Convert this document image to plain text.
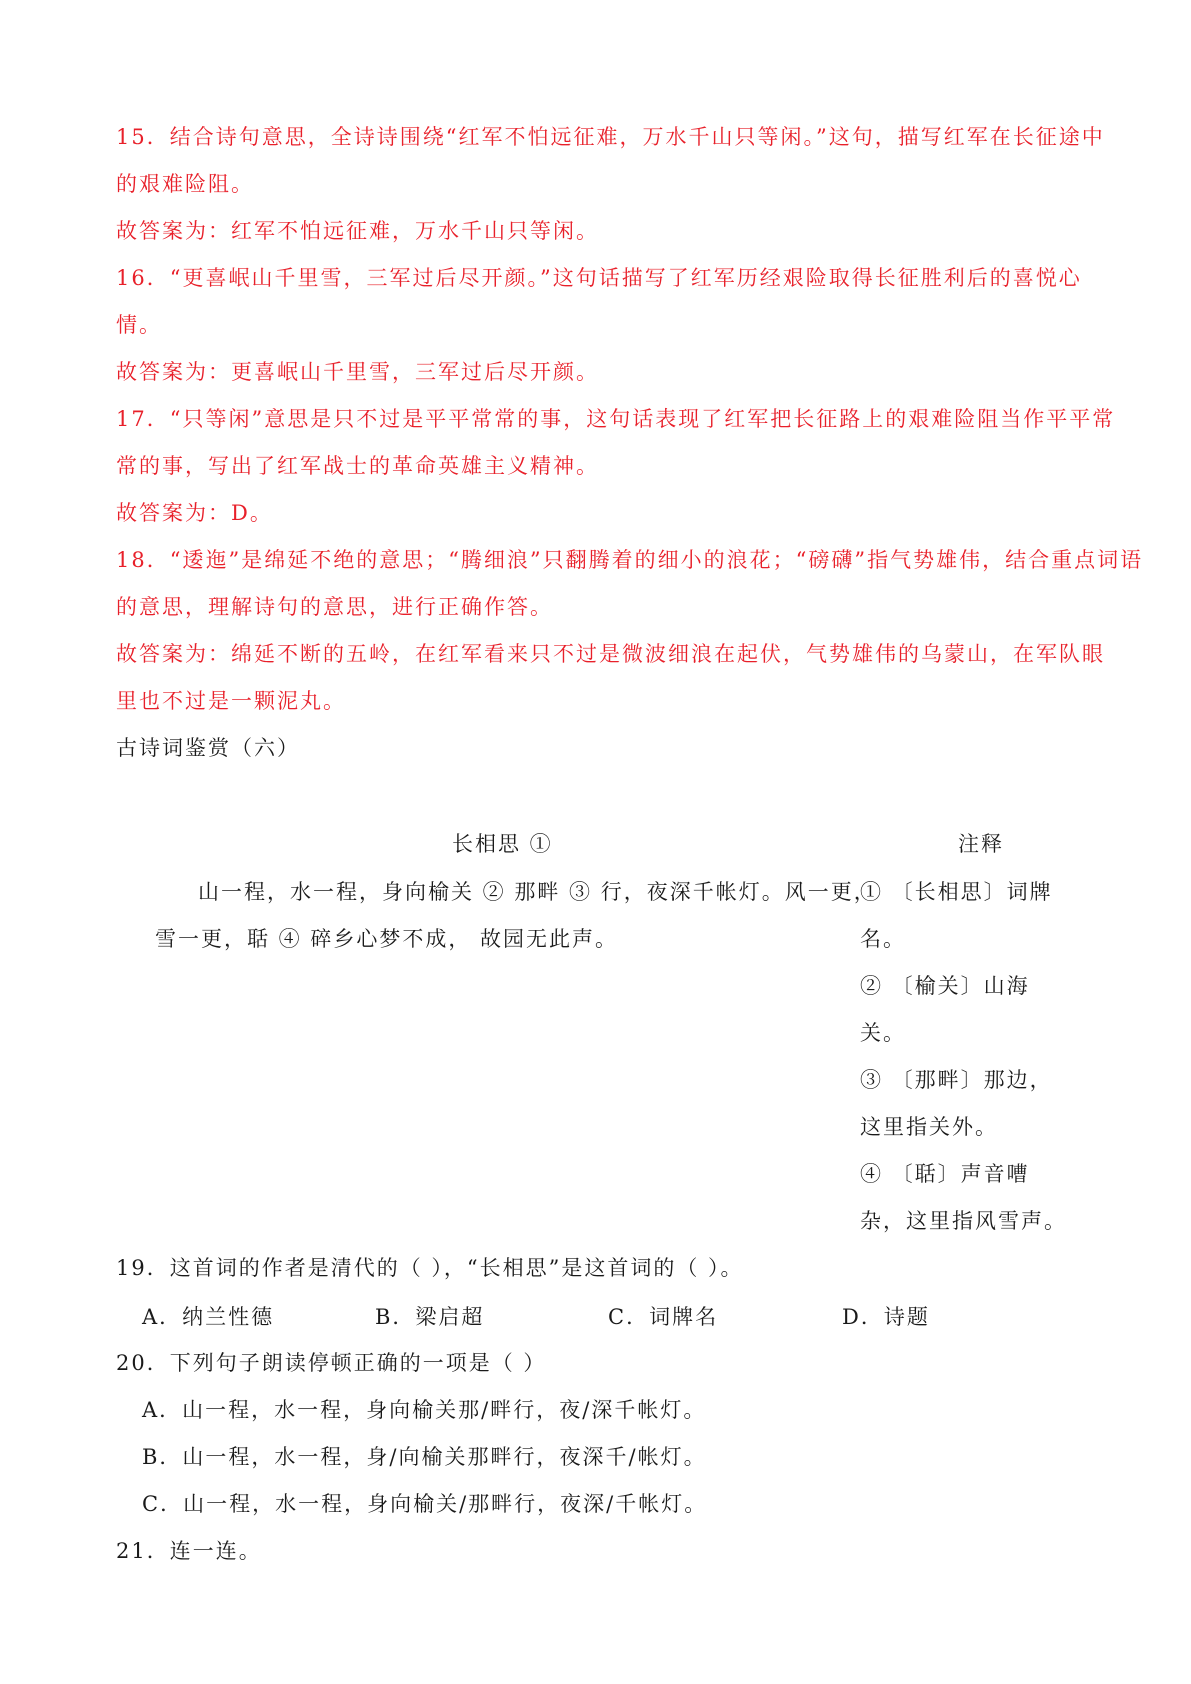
15．结合诗句意思，全诗诗围绕“红军不怕远征难，万水千山只等闲。”这句，描写红军在长征途中
的艰难险阻。
故答案为：红军不怕远征难，万水千山只等闲。
16．“更喜岷山千里雪，三军过后尽开颜。”这句话描写了红军历经艰险取得长征胜利后的喜悦心
情。
故答案为：更喜岷山千里雪，三军过后尽开颜。
17．“只等闲”意思是只不过是平平常常的事，这句话表现了红军把长征路上的艰难险阻当作平平常
常的事，写出了红军战士的革命英雄主义精神。
故答案为：D。
18．“逶迤”是绵延不绝的意思；“腾细浪”只翻腾着的细小的浪花；“磅礴”指气势雄伟，结合重点词语
的意思，理解诗句的意思，进行正确作答。
故答案为：绵延不断的五岭，在红军看来只不过是微波细浪在起伏，气势雄伟的乌蒙山，在军队眼
里也不过是一颗泥丸。
古诗词鉴赏（六）
长相思 ①	注释
山一程，水一程，身向榆关 ② 那畔 ③ 行，夜深千帐灯。风一更，
雪一更，聒 ④ 碎乡心梦不成， 故园无此声。
① 〔长相思〕词牌
名。
② 〔榆关〕山海
关。
③ 〔那畔〕那边，
这里指关外。
④ 〔聒〕声音嘈
杂，这里指风雪声。
19．这首词的作者是清代的（ ），“长相思”是这首词的（ ）。
A．纳兰性德	B．梁启超	C．词牌名	D．诗题
20．下列句子朗读停顿正确的一项是（ ）
A．山一程，水一程，身向榆关那/畔行，夜/深千帐灯。
B．山一程，水一程，身/向榆关那畔行，夜深千/帐灯。
C．山一程，水一程，身向榆关/那畔行，夜深/千帐灯。
21．连一连。
